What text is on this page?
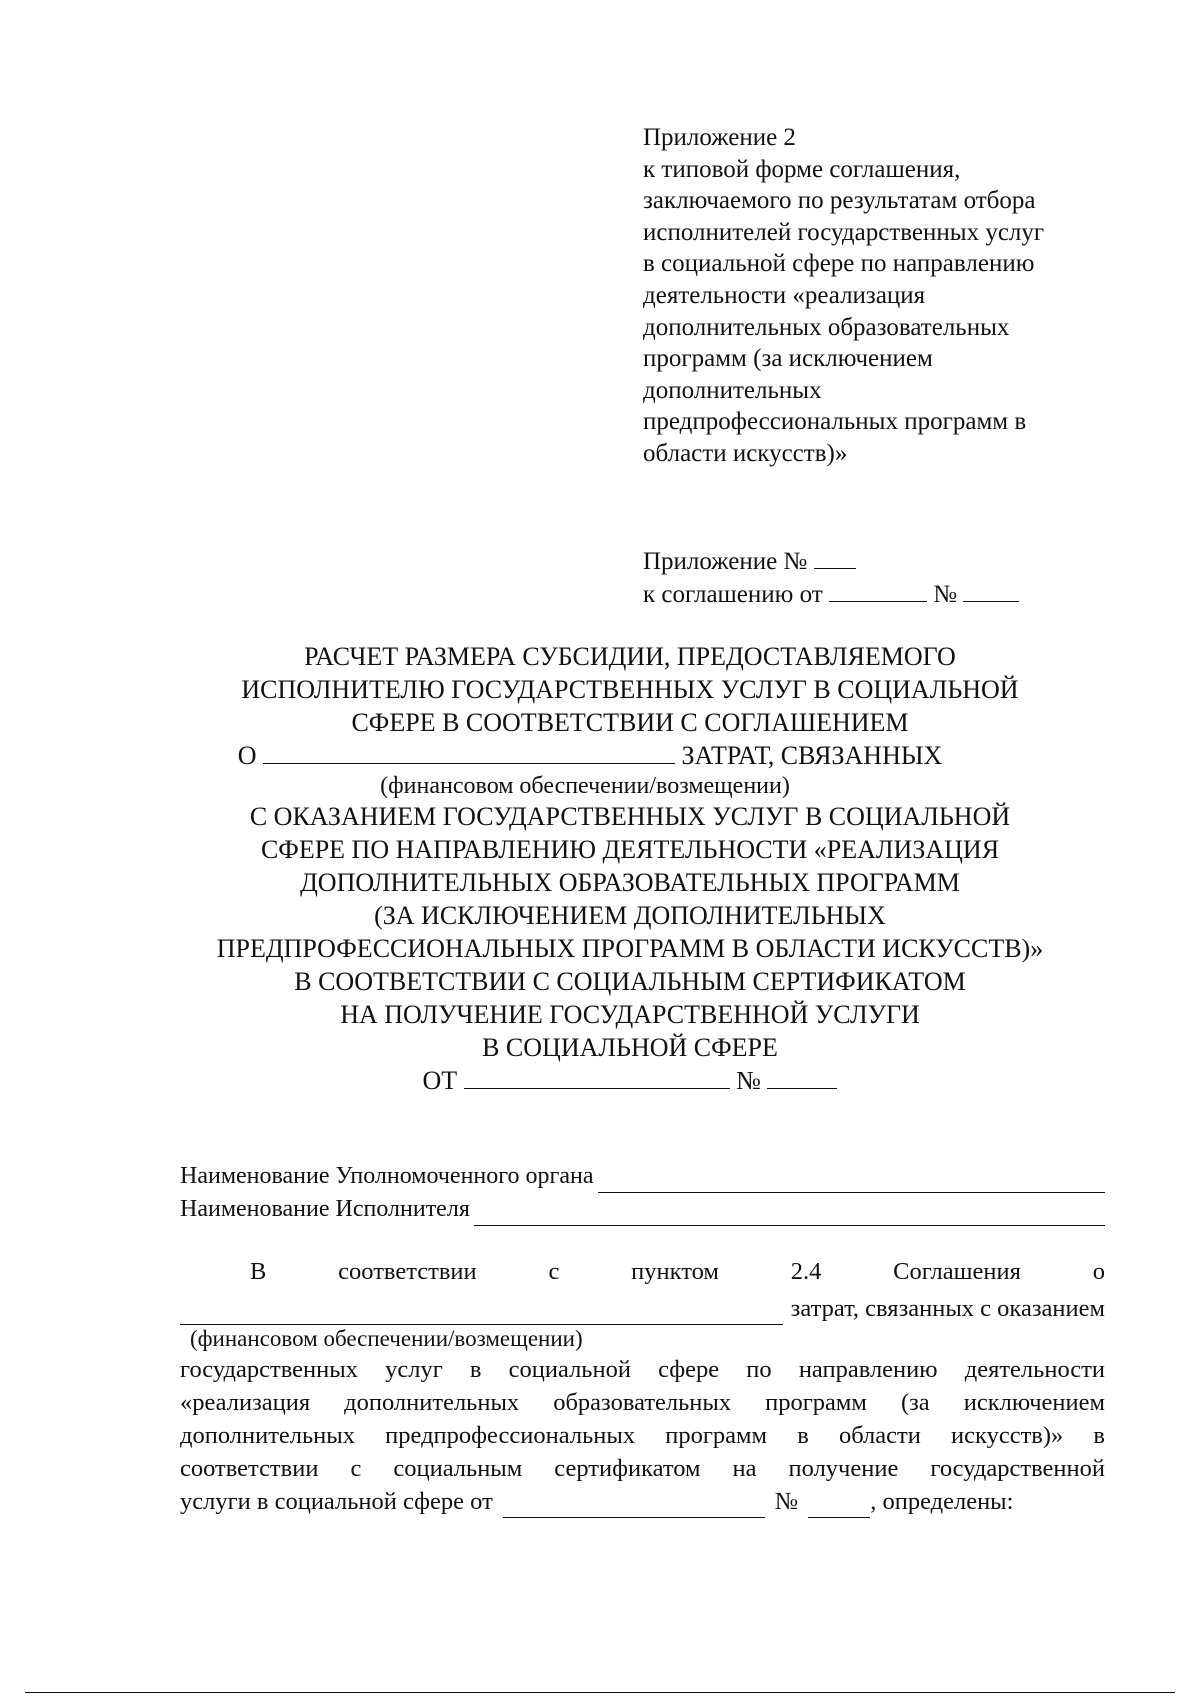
Приложение 2
к типовой форме соглашения,
заключаемого по результатам отбора
исполнителей государственных услуг
в социальной сфере по направлению
деятельности «реализация
дополнительных образовательных
программ (за исключением
дополнительных
предпрофессиональных программ в
области искусств)»
Приложение №
к соглашению от	№
РАСЧЕТ РАЗМЕРА СУБСИДИИ, ПРЕДОСТАВЛЯЕМОГО
ИСПОЛНИТЕЛЮ ГОСУДАРСТВЕННЫХ УСЛУГ В СОЦИАЛЬНОЙ
СФЕРЕ В СООТВЕТСТВИИ С СОГЛАШЕНИЕМ
О	ЗАТРАТ, СВЯЗАННЫХ
(финансовом обеспечении/возмещении)
С ОКАЗАНИЕМ ГОСУДАРСТВЕННЫХ УСЛУГ В СОЦИАЛЬНОЙ
СФЕРЕ ПО НАПРАВЛЕНИЮ ДЕЯТЕЛЬНОСТИ «РЕАЛИЗАЦИЯ
ДОПОЛНИТЕЛЬНЫХ ОБРАЗОВАТЕЛЬНЫХ ПРОГРАММ
(ЗА ИСКЛЮЧЕНИЕМ ДОПОЛНИТЕЛЬНЫХ
ПРЕДПРОФЕССИОНАЛЬНЫХ ПРОГРАММ В ОБЛАСТИ ИСКУССТВ)»
В СООТВЕТСТВИИ С СОЦИАЛЬНЫМ СЕРТИФИКАТОМ
НА ПОЛУЧЕНИЕ ГОСУДАРСТВЕННОЙ УСЛУГИ
В СОЦИАЛЬНОЙ СФЕРЕ
ОТ	№
Наименование Уполномоченного органа
Наименование Исполнителя
В	соответствии	с	пунктом	2.4	Соглашения	о
затрат, связанных с оказанием
(финансовом обеспечении/возмещении)
государственных услуг в социальной сфере по направлению деятельности
«реализация дополнительных образовательных программ (за исключением
дополнительных предпрофессиональных программ в области искусств)» в
соответствии с социальным сертификатом на получение государственной
услуги в социальной сфере от	№	, определены:
